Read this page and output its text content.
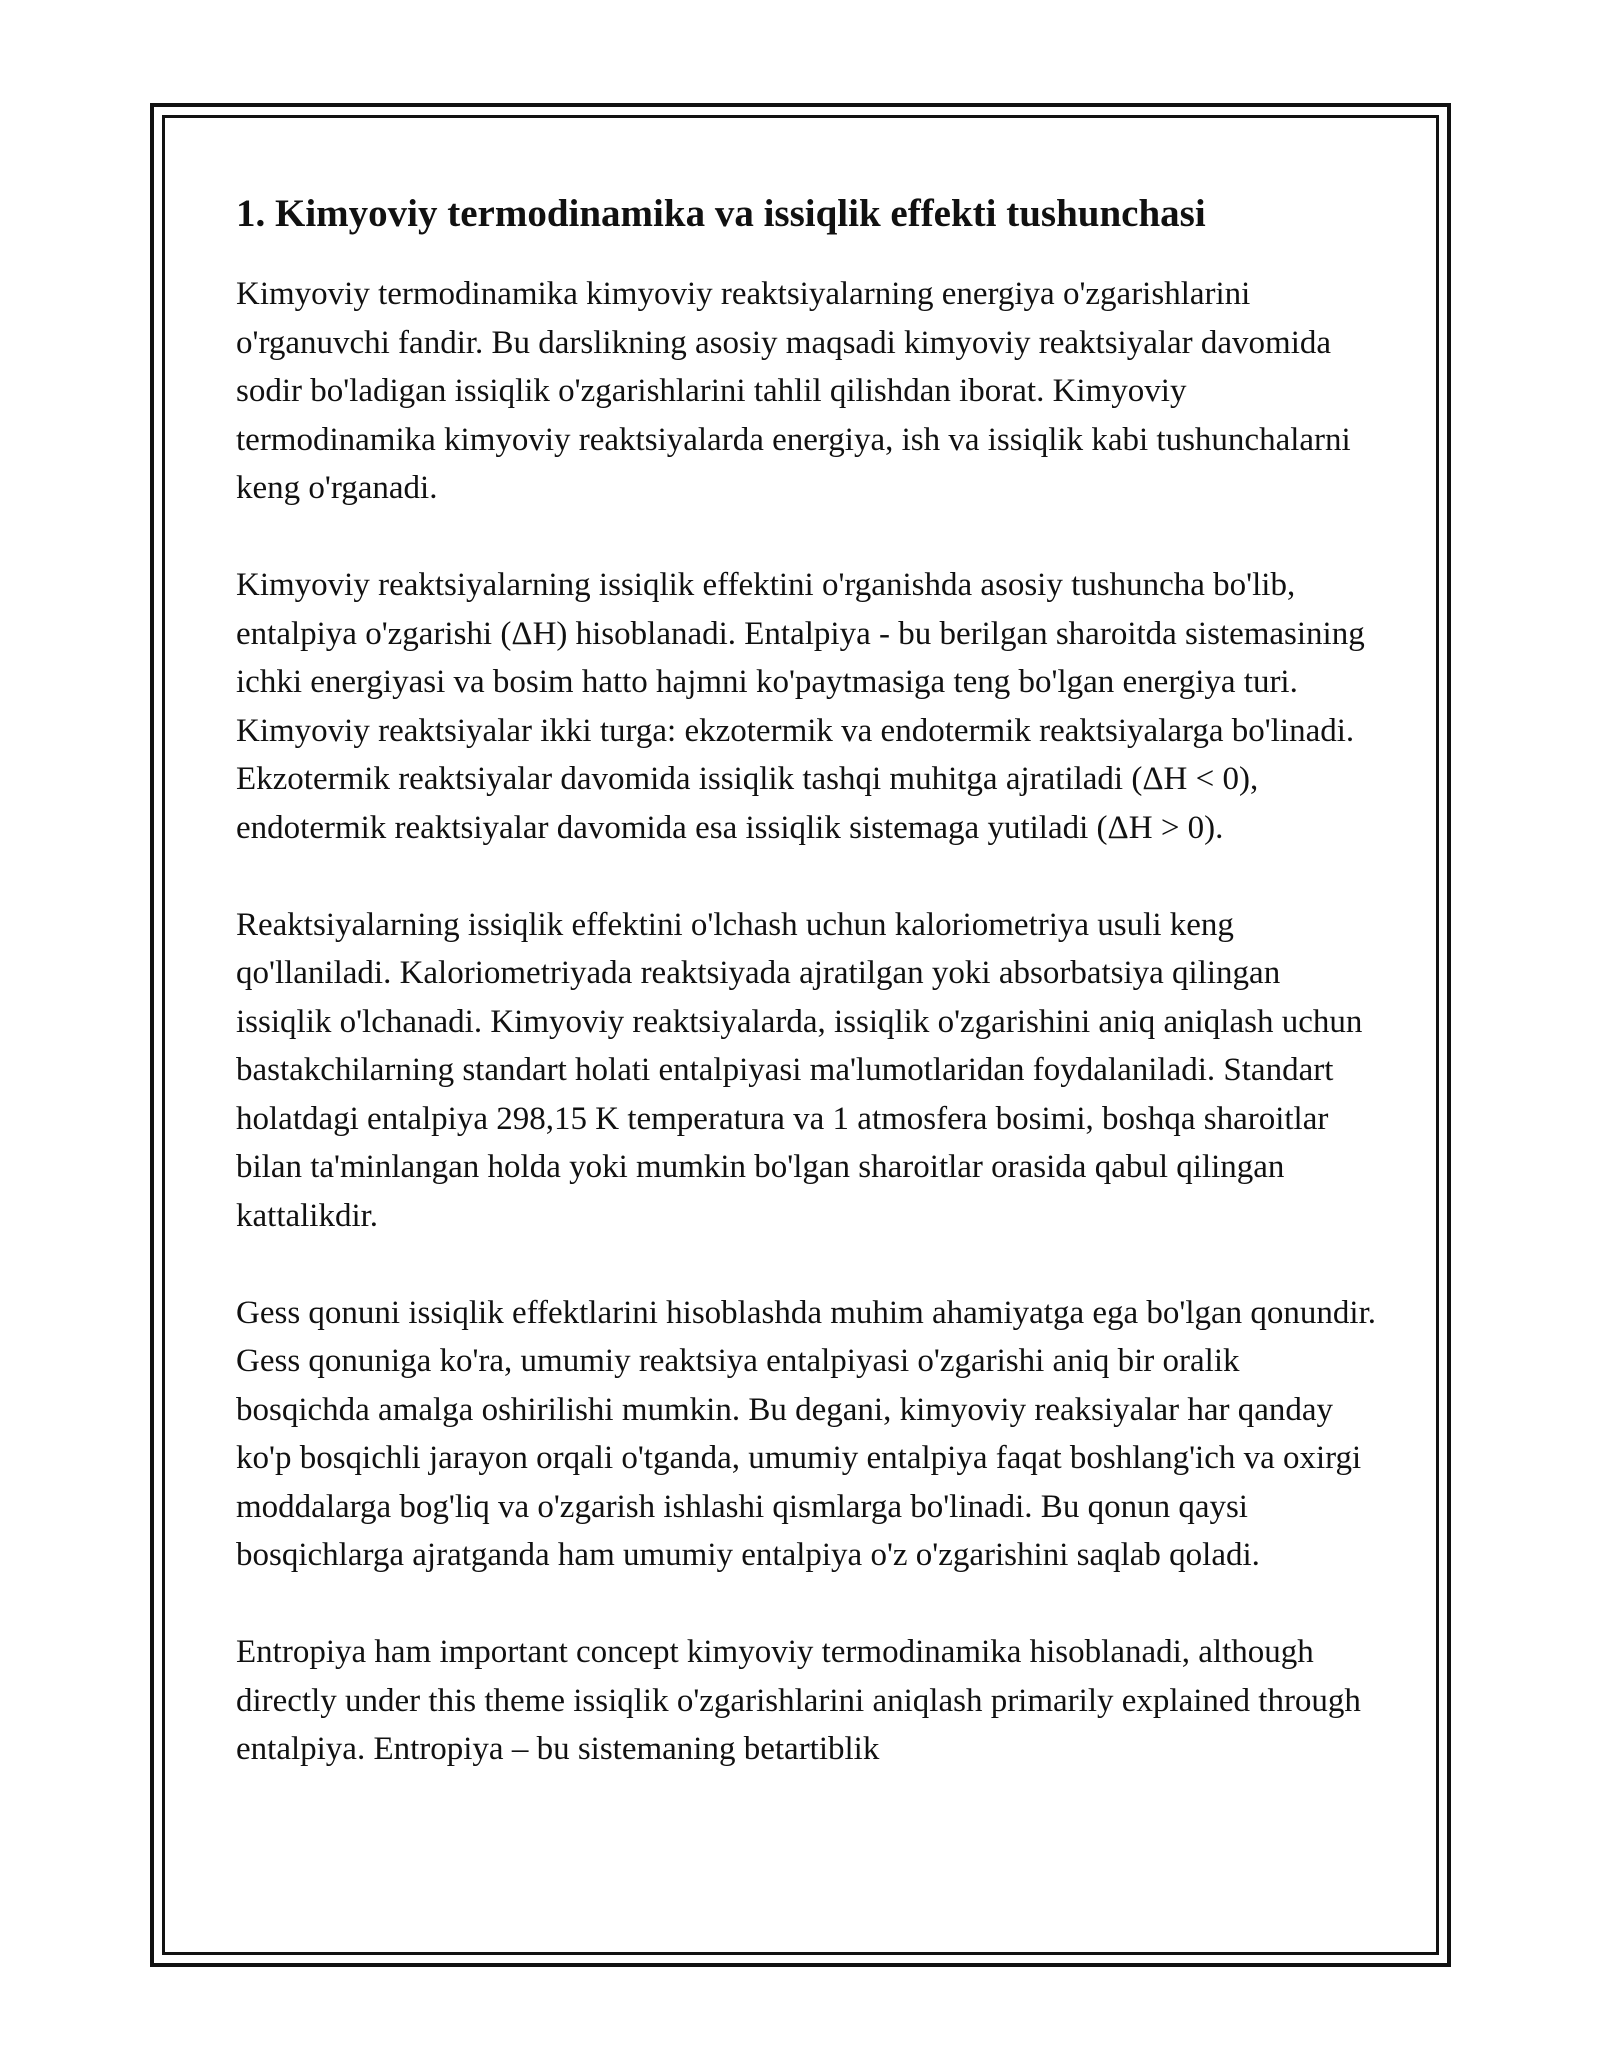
1. Kimyoviy termodinamika va issiqlik effekti tushunchasi

Kimyoviy termodinamika kimyoviy reaktsiyalarning energiya o'zgarishlarini o'rganuvchi fandir. Bu darslikning asosiy maqsadi kimyoviy reaktsiyalar davomida sodir bo'ladigan issiqlik o'zgarishlarini tahlil qilishdan iborat. Kimyoviy termodinamika kimyoviy reaktsiyalarda energiya, ish va issiqlik kabi tushunchalarni keng o'rganadi.

Kimyoviy reaktsiyalarning issiqlik effektini o'rganishda asosiy tushuncha bo'lib, entalpiya o'zgarishi (ΔH) hisoblanadi. Entalpiya - bu berilgan sharoitda sistemasining ichki energiyasi va bosim hatto hajmni ko'paytmasiga teng bo'lgan energiya turi. Kimyoviy reaktsiyalar ikki turga: ekzotermik va endotermik reaktsiyalarga bo'linadi. Ekzotermik reaktsiyalar davomida issiqlik tashqi muhitga ajratiladi (ΔH < 0), endotermik reaktsiyalar davomida esa issiqlik sistemaga yutiladi (ΔH > 0).

Reaktsiyalarning issiqlik effektini o'lchash uchun kaloriometriya usuli keng qo'llaniladi. Kaloriometriyada reaktsiyada ajratilgan yoki absorbatsiya qilingan issiqlik o'lchanadi. Kimyoviy reaktsiyalarda, issiqlik o'zgarishini aniq aniqlash uchun bastakchilarning standart holati entalpiyasi ma'lumotlaridan foydalaniladi. Standart holatdagi entalpiya 298,15 K temperatura va 1 atmosfera bosimi, boshqa sharoitlar bilan ta'minlangan holda yoki mumkin bo'lgan sharoitlar orasida qabul qilingan kattalikdir.

Gess qonuni issiqlik effektlarini hisoblashda muhim ahamiyatga ega bo'lgan qonundir. Gess qonuniga ko'ra, umumiy reaktsiya entalpiyasi o'zgarishi aniq bir oralik bosqichda amalga oshirilishi mumkin. Bu degani, kimyoviy reaksiyalar har qanday ko'p bosqichli jarayon orqali o'tganda, umumiy entalpiya faqat boshlang'ich va oxirgi moddalarga bog'liq va o'zgarish ishlashi qismlarga bo'linadi. Bu qonun qaysi bosqichlarga ajratganda ham umumiy entalpiya o'z o'zgarishini saqlab qoladi.

Entropiya ham important concept kimyoviy termodinamika hisoblanadi, although directly under this theme issiqlik o'zgarishlarini aniqlash primarily explained through entalpiya. Entropiya – bu sistemaning betartiblik
